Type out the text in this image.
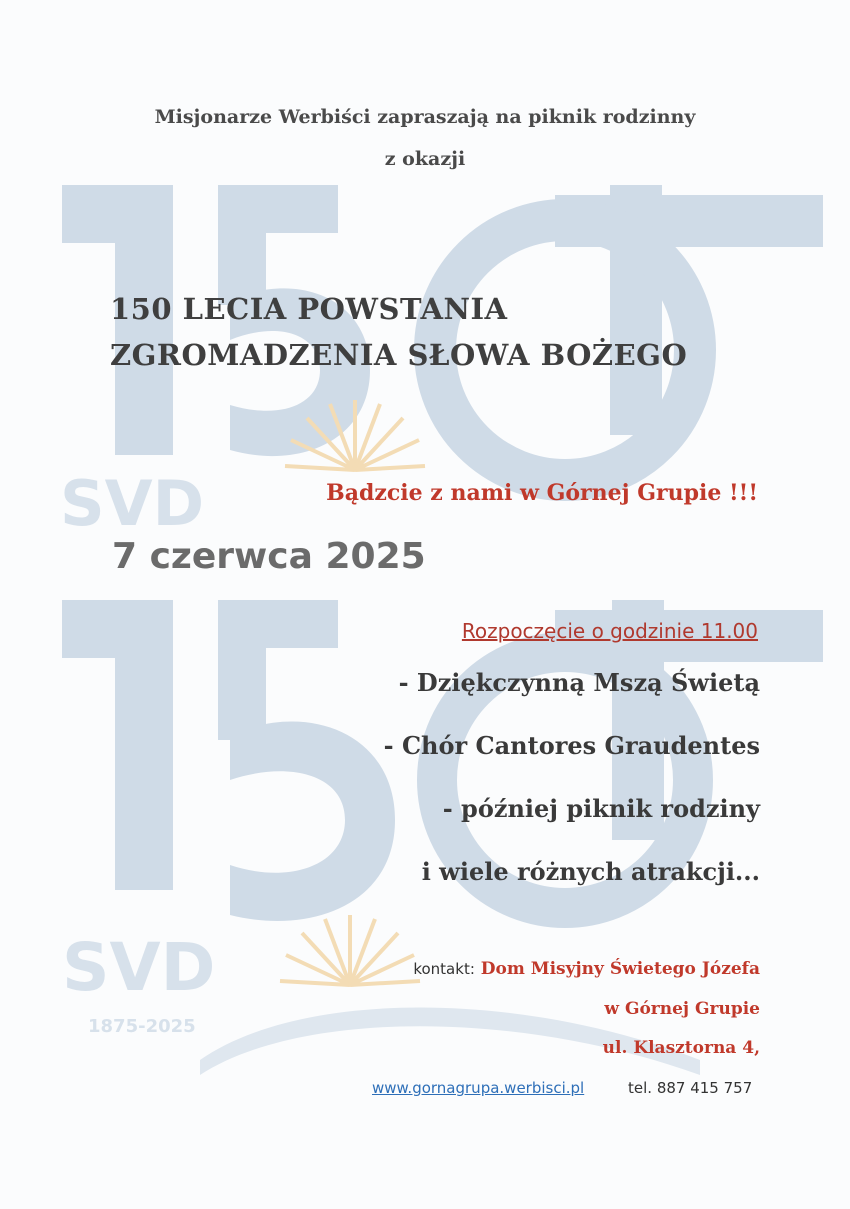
SVD
SVD
1875-2025
Misjonarze Werbiści zapraszają na piknik rodzinny
z okazji
150 LECIA POWSTANIA
ZGROMADZENIA SŁOWA BOŻEGO
Bądzcie z nami w Górnej Grupie !!!
7 czerwca 2025
Rozpoczęcie o godzinie 11.00
- Dziękczynną Mszą Świetą
- Chór Cantores Graudentes
- później piknik rodziny
i wiele różnych atrakcji...
kontakt: Dom Misyjny Świetego Józefa
w Górnej Grupie
ul. Klasztorna 4,
www.gornagrupa.werbisci.pl	tel. 887 415 757
